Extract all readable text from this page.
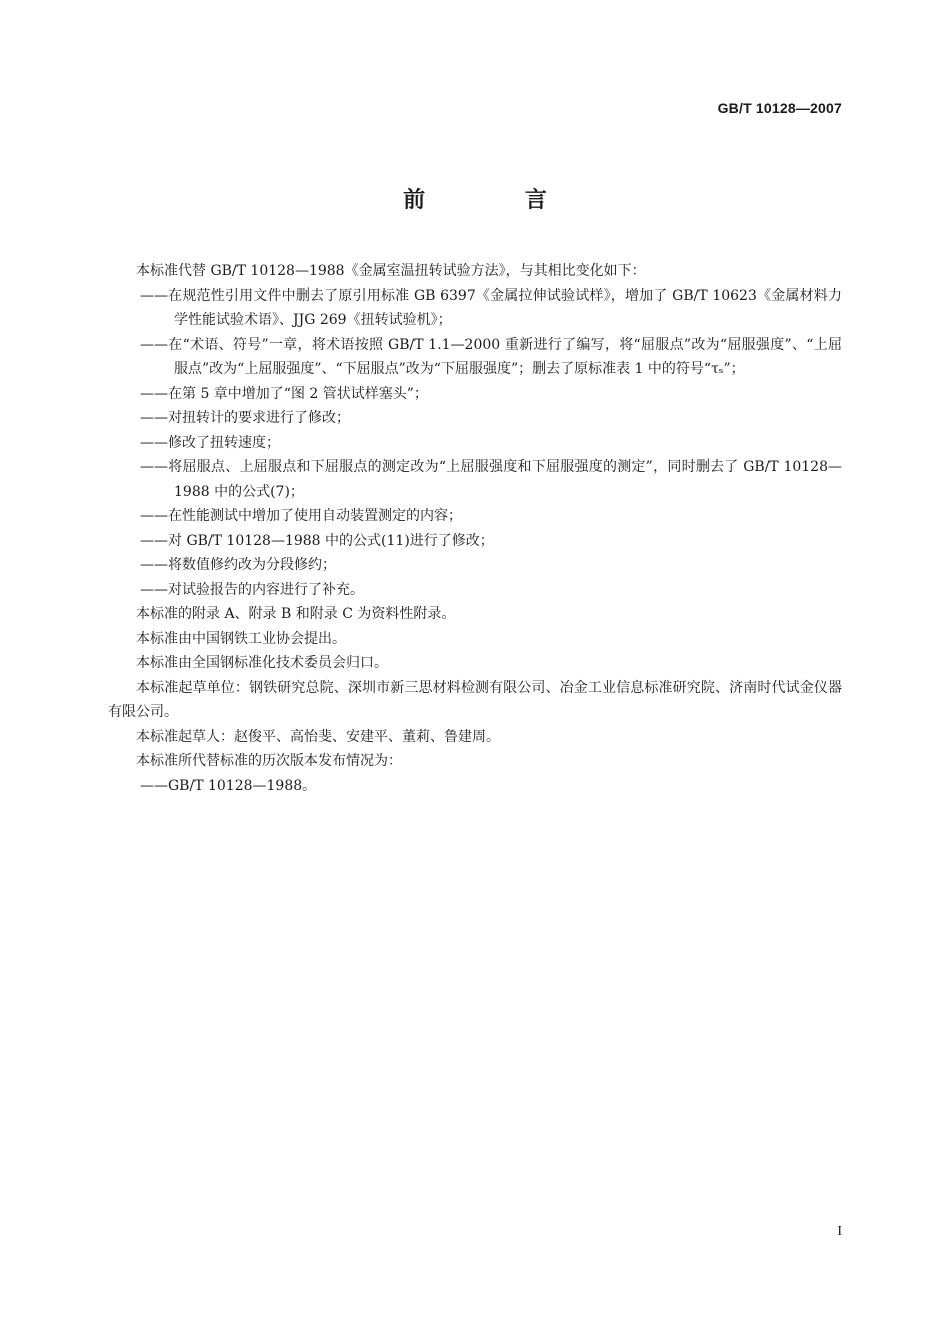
GB/T 10128—2007
前 言

本标准代替 GB/T 10128—1988《金属室温扭转试验方法》，与其相比变化如下：

——在规范性引用文件中删去了原引用标准 GB 6397《金属拉伸试验试样》，增加了 GB/T 10623《金属材料力学性能试验术语》、JJG 269《扭转试验机》；

——在“术语、符号”一章，将术语按照 GB/T 1.1—2000 重新进行了编写，将“屈服点”改为“屈服强度”、“上屈服点”改为“上屈服强度”、“下屈服点”改为“下屈服强度”；删去了原标准表 1 中的符号“τₛ”；

——在第 5 章中增加了“图 2 管状试样塞头”；

——对扭转计的要求进行了修改；

——修改了扭转速度；

——将屈服点、上屈服点和下屈服点的测定改为“上屈服强度和下屈服强度的测定”，同时删去了 GB/T 10128—1988 中的公式(7)；

——在性能测试中增加了使用自动装置测定的内容；

——对 GB/T 10128—1988 中的公式(11)进行了修改；

——将数值修约改为分段修约；

——对试验报告的内容进行了补充。

本标准的附录 A、附录 B 和附录 C 为资料性附录。

本标准由中国钢铁工业协会提出。

本标准由全国钢标准化技术委员会归口。

本标准起草单位：钢铁研究总院、深圳市新三思材料检测有限公司、冶金工业信息标准研究院、济南时代试金仪器有限公司。

本标准起草人：赵俊平、高怡斐、安建平、董莉、鲁建周。

本标准所代替标准的历次版本发布情况为：

——GB/T 10128—1988。

I
